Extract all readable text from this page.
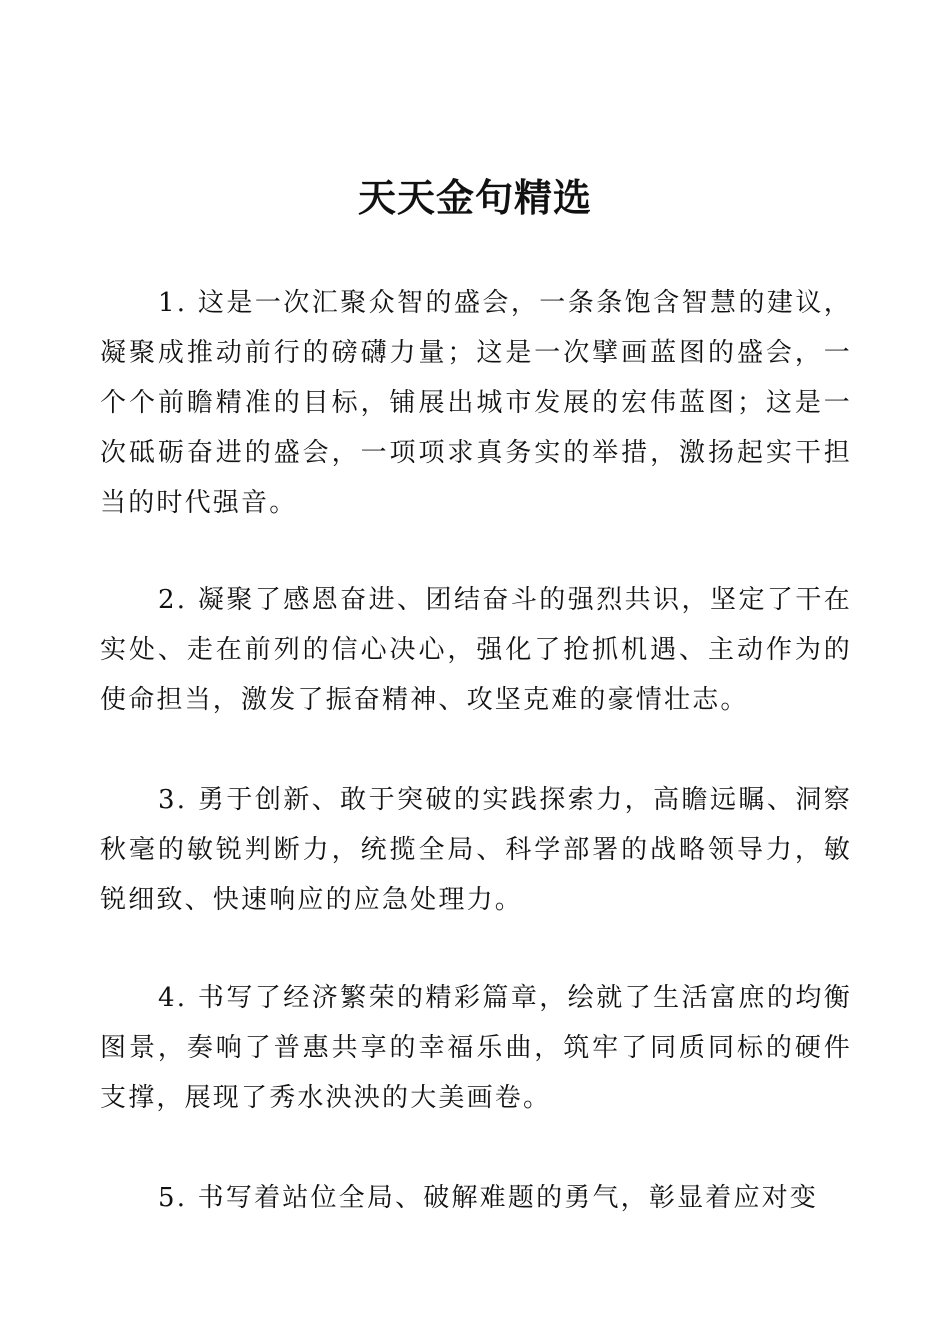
天天金句精选

1. 这是一次汇聚众智的盛会，一条条饱含智慧的建议，凝聚成推动前行的磅礴力量；这是一次擘画蓝图的盛会，一个个前瞻精准的目标，铺展出城市发展的宏伟蓝图；这是一次砥砺奋进的盛会，一项项求真务实的举措，激扬起实干担当的时代强音。

2. 凝聚了感恩奋进、团结奋斗的强烈共识，坚定了干在实处、走在前列的信心决心，强化了抢抓机遇、主动作为的使命担当，激发了振奋精神、攻坚克难的豪情壮志。

3. 勇于创新、敢于突破的实践探索力，高瞻远瞩、洞察秋毫的敏锐判断力，统揽全局、科学部署的战略领导力，敏锐细致、快速响应的应急处理力。

4. 书写了经济繁荣的精彩篇章，绘就了生活富庶的均衡图景，奏响了普惠共享的幸福乐曲，筑牢了同质同标的硬件支撑，展现了秀水泱泱的大美画卷。

5. 书写着站位全局、破解难题的勇气，彰显着应对变
